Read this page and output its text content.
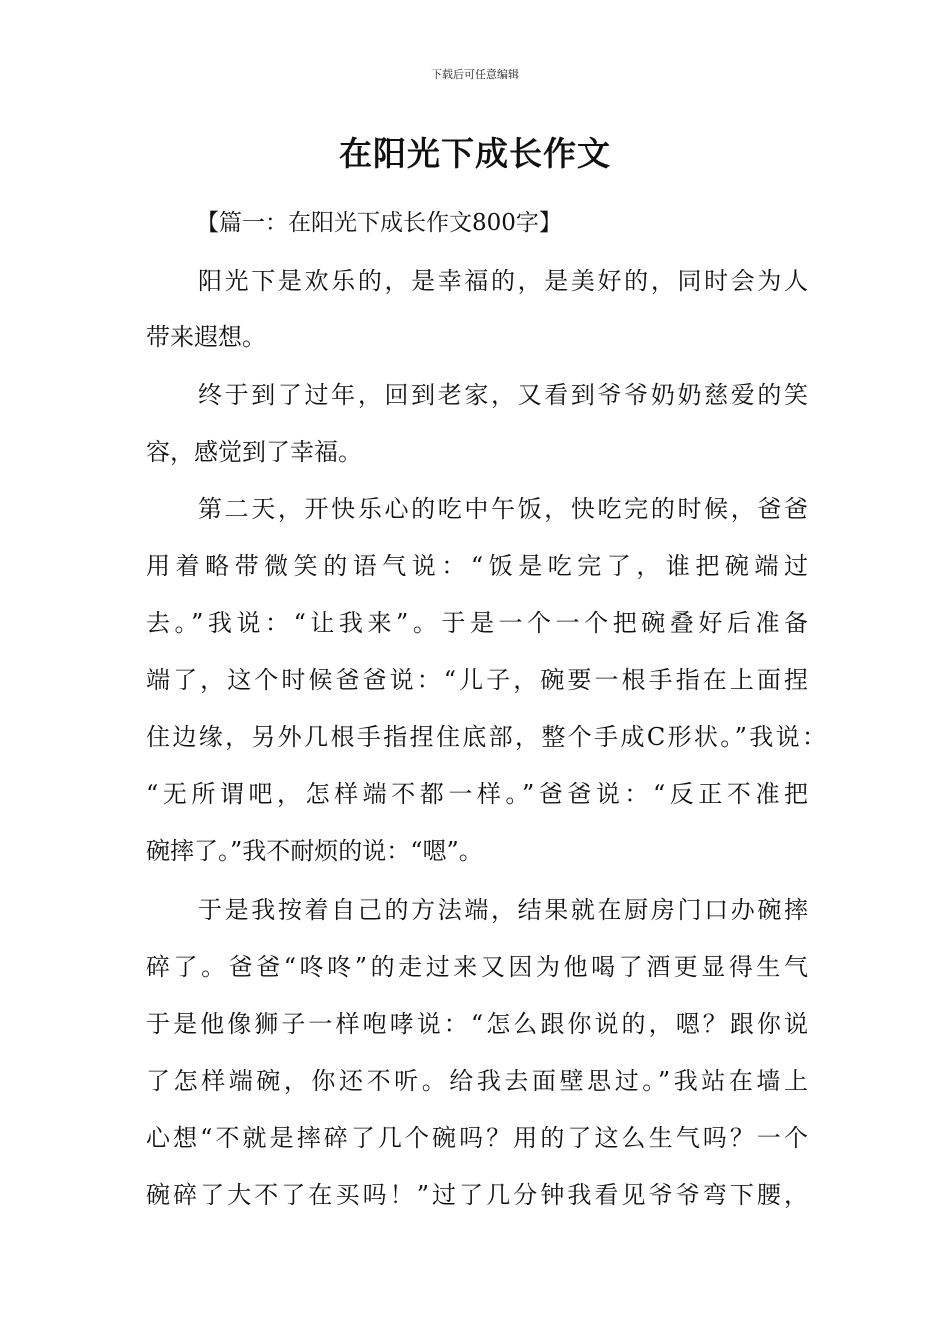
下载后可任意编辑
在阳光下成长作文
【篇一：在阳光下成长作文800字】
阳光下是欢乐的，是幸福的，是美好的，同时会为人
带来遐想。
终于到了过年，回到老家，又看到爷爷奶奶慈爱的笑
容，感觉到了幸福。
第二天，开快乐心的吃中午饭，快吃完的时候，爸爸
用着略带微笑的语气说：“饭是吃完了，谁把碗端过
去。”我说：“让我来”。于是一个一个把碗叠好后准备
端了，这个时候爸爸说：“儿子，碗要一根手指在上面捏
住边缘，另外几根手指捏住底部，整个手成C形状。”我说：
“无所谓吧，怎样端不都一样。”爸爸说：“反正不准把
碗摔了。”我不耐烦的说：“嗯”。
于是我按着自己的方法端，结果就在厨房门口办碗摔
碎了。爸爸“咚咚”的走过来又因为他喝了酒更显得生气
于是他像狮子一样咆哮说：“怎么跟你说的，嗯？跟你说
了怎样端碗，你还不听。给我去面壁思过。”我站在墙上
心想“不就是摔碎了几个碗吗？用的了这么生气吗？一个
碗碎了大不了在买吗！”过了几分钟我看见爷爷弯下腰，
